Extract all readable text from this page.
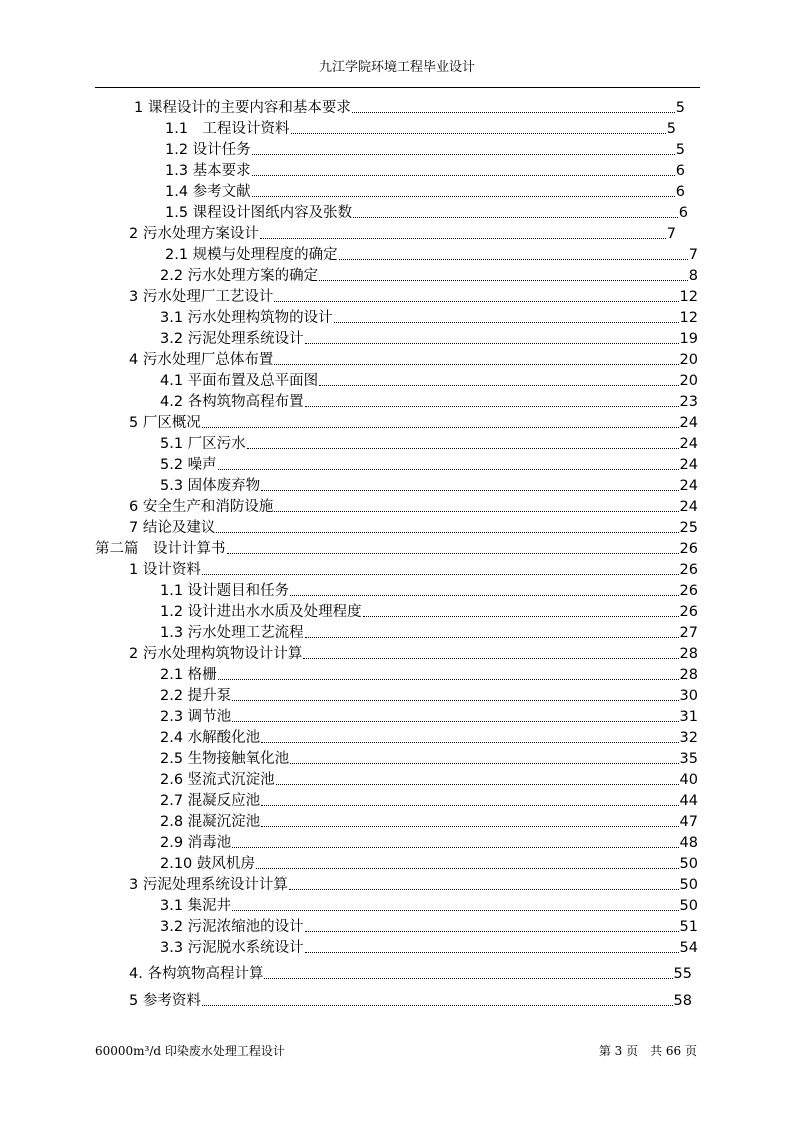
九江学院环境工程毕业设计
1 课程设计的主要内容和基本要求	5
1.1　工程设计资料	5
1.2 设计任务	5
1.3 基本要求	6
1.4 参考文献	6
1.5 课程设计图纸内容及张数	6
2 污水处理方案设计	7
2.1 规模与处理程度的确定	7
2.2 污水处理方案的确定	8
3 污水处理厂工艺设计	12
3.1 污水处理构筑物的设计	12
3.2 污泥处理系统设计	19
4 污水处理厂总体布置	20
4.1 平面布置及总平面图	20
4.2 各构筑物高程布置	23
5 厂区概况	24
5.1 厂区污水	24
5.2 噪声	24
5.3 固体废弃物	24
6 安全生产和消防设施	24
7 结论及建议	25
第二篇　设计计算书	26
1 设计资料	26
1.1 设计题目和任务	26
1.2 设计进出水水质及处理程度	26
1.3 污水处理工艺流程	27
2 污水处理构筑物设计计算	28
2.1 格栅	28
2.2 提升泵	30
2.3 调节池	31
2.4 水解酸化池	32
2.5 生物接触氧化池	35
2.6 竖流式沉淀池	40
2.7 混凝反应池	44
2.8 混凝沉淀池	47
2.9 消毒池	48
2.10 鼓风机房	50
3 污泥处理系统设计计算	50
3.1 集泥井	50
3.2 污泥浓缩池的设计	51
3.3 污泥脱水系统设计	54
4. 各构筑物高程计算	55
5 参考资料	58
60000m³/d 印染废水处理工程设计	第 3 页　共 66 页
